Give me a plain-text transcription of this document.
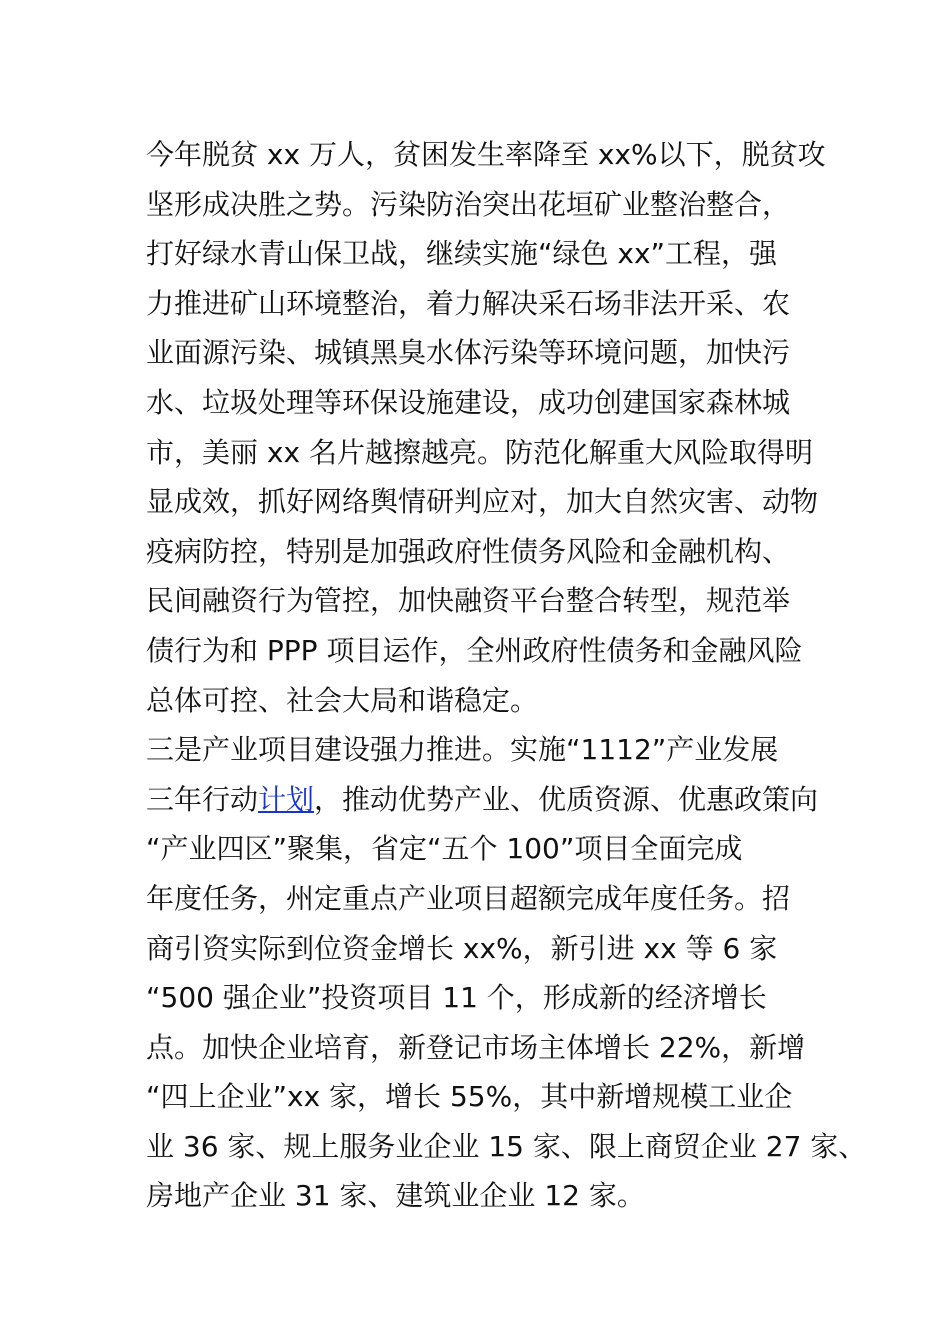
今年脱贫 xx 万人，贫困发生率降至 xx%以下，脱贫攻
坚形成决胜之势。污染防治突出花垣矿业整治整合，
打好绿水青山保卫战，继续实施“绿色 xx”工程，强
力推进矿山环境整治，着力解决采石场非法开采、农
业面源污染、城镇黑臭水体污染等环境问题，加快污
水、垃圾处理等环保设施建设，成功创建国家森林城
市，美丽 xx 名片越擦越亮。防范化解重大风险取得明
显成效，抓好网络舆情研判应对，加大自然灾害、动物
疫病防控，特别是加强政府性债务风险和金融机构、
民间融资行为管控，加快融资平台整合转型，规范举
债行为和 PPP 项目运作，全州政府性债务和金融风险
总体可控、社会大局和谐稳定。
三是产业项目建设强力推进。实施“1112”产业发展
三年行动计划，推动优势产业、优质资源、优惠政策向
“产业四区”聚集，省定“五个 100”项目全面完成
年度任务，州定重点产业项目超额完成年度任务。招
商引资实际到位资金增长 xx%，新引进 xx 等 6 家
“500 强企业”投资项目 11 个，形成新的经济增长
点。加快企业培育，新登记市场主体增长 22%，新增
“四上企业”xx 家，增长 55%，其中新增规模工业企
业 36 家、规上服务业企业 15 家、限上商贸企业 27 家、
房地产企业 31 家、建筑业企业 12 家。
